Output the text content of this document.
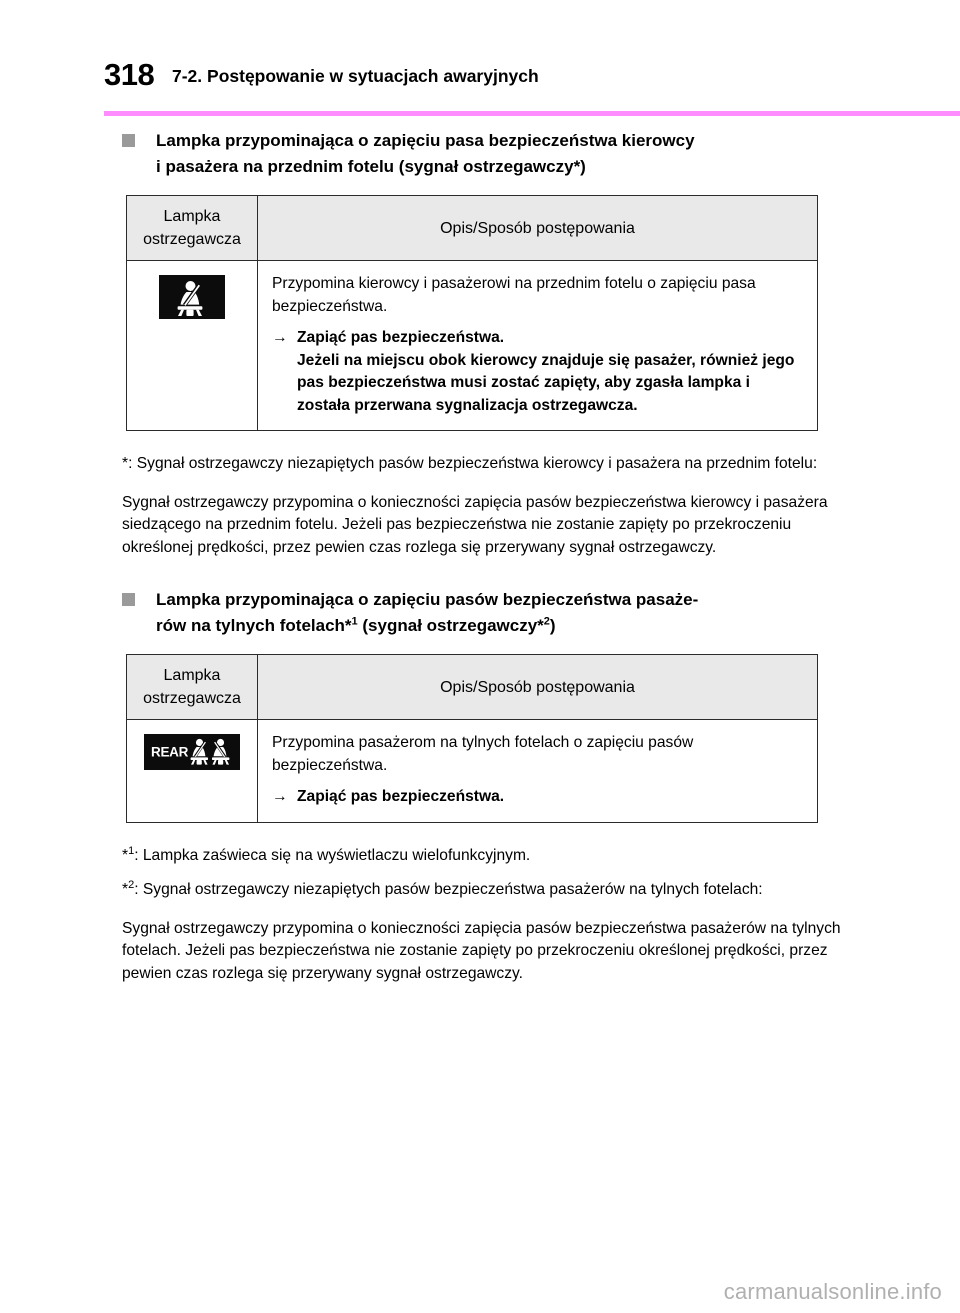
318 7-2. Postępowanie w sytuacjach awaryjnych
Lampka przypominająca o zapięciu pasa bezpieczeństwa kierowcy
i pasażera na przednim fotelu (sygnał ostrzegawczy*)
Lampka
ostrzegawcza	Opis/Sposób postępowania

Przypomina kierowcy i pasażerowi na przednim fotelu o zapięciu pasa bezpieczeństwa.

→ Zapiąć pas bezpieczeństwa.
Jeżeli na miejscu obok kierowcy znajduje się pasażer, również jego pas bezpieczeństwa musi zostać zapięty, aby zgasła lampka i została przerwana sygnalizacja ostrzegawcza.

*: Sygnał ostrzegawczy niezapiętych pasów bezpieczeństwa kierowcy i pasażera na przednim fotelu:
Sygnał ostrzegawczy przypomina o konieczności zapięcia pasów bezpieczeństwa kierowcy i pasażera siedzącego na przednim fotelu. Jeżeli pas bezpieczeństwa nie zostanie zapięty po przekroczeniu określonej prędkości, przez pewien czas rozlega się przerywany sygnał ostrzegawczy.
Lampka przypominająca o zapięciu pasów bezpieczeństwa pasaże-
rów na tylnych fotelach*$^1$ (sygnał ostrzegawczy*$^2$)
Lampka
ostrzegawcza	Opis/Sposób postępowania

REAR	Przypomina pasażerom na tylnych fotelach o zapięciu pasów bezpieczeństwa.

→ Zapiąć pas bezpieczeństwa.

*$^1$: Lampka zaświeca się na wyświetlaczu wielofunkcyjnym.
*$^2$: Sygnał ostrzegawczy niezapiętych pasów bezpieczeństwa pasażerów na tylnych fotelach:
Sygnał ostrzegawczy przypomina o konieczności zapięcia pasów bezpieczeństwa pasażerów na tylnych fotelach. Jeżeli pas bezpieczeństwa nie zostanie zapięty po przekroczeniu określonej prędkości, przez pewien czas rozlega się przerywany sygnał ostrzegawczy.
carmanualsonline.info
